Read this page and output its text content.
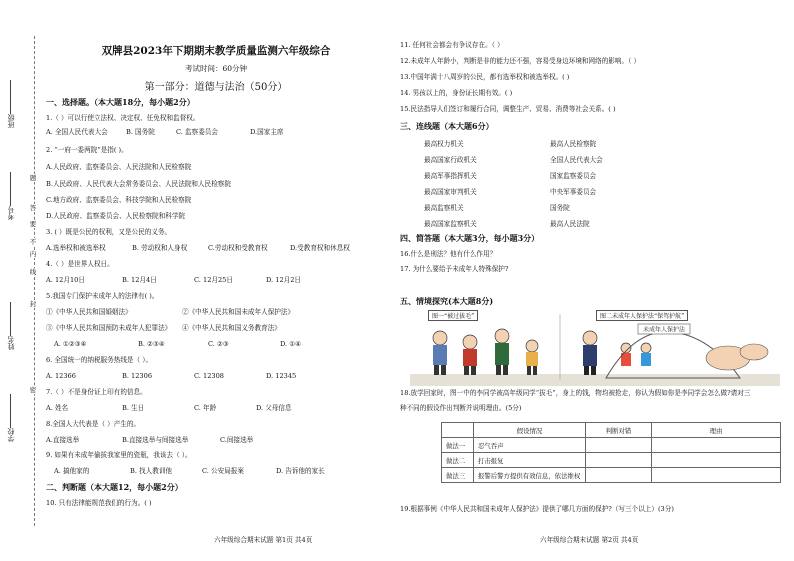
学校
姓名
考号
班级
密
封
线
内
不
要
答
题
双牌县2023年下期期末教学质量监测六年级综合
考试时间：60分钟
第一部分：道德与法治（50分）
一、选择题。（本大题18分，每小题2分）
1.（ ）可以行使立法权、决定权、任免权和监督权。
A. 全国人民代表大会	B. 国务院	C. 监察委员会	D.国家主席
2. “一府一委两院”是指( )。
A.人民政府、监察委员会、人民法院和人民检察院
B.人民政府、人民代表大会常务委员会、人民法院和人民检察院
C.地方政府、监察委员会、科技学院和人民检察院
D.人民政府、监察委员会、人民检察院和科学院
3. ( ）既是公民的权利，又是公民的义务。
A.选举权和被选举权	B. 劳动权和人身权	C.劳动权和受教育权	D.受教育权和休息权
4.（ ）是世界人权日。
A. 12月10日	B. 12月4日	C. 12月25日	D. 12月2日
5.我国专门保护未成年人的法律有( )。
①《中华人民共和国婚姻法》	②《中华人民共和国未成年人保护法》
③《中华人民共和国预防未成年人犯罪法》 ④《中华人民共和国义务教育法》
A. ①②③④	B. ②③④	C. ②③	D. ①④
6. 全国统一的纳税服务热线是（ ）。
A. 12366	B. 12306	C. 12308	D. 12345
7.（ ）不是身份证上印有的信息。
A. 姓名	B. 生日	C. 年龄	D. 父母信息
8.全国人大代表是（ ）产生的。
A.直接选举	B.直接选举与间接选举	C.间接选举
9. 如果有未成年偷拔我家里的瓷瓶，我该去（ ）。
A. 搞他家的	B. 找人教训他	C. 公安局报案	D. 告诉他的家长
二、判断题（本大题12，每小题2分）
10. 只有法律能规范我们的行为。( )
六年级综合期末试题 第1页 共4页
11. 任何社会都会有争议存在。（ ）
12.未成年人年龄小，判断是非的能力还不强，容易受身边环境和网络的影响。（ ）
13.中国年满十八周岁的公民，都有选举权和被选举权。( )
14. 男孩以上的，身份证长期有效。( )
15.民法指导人们签订和履行合同，调整生产、贸易、消费等社会关系。( )
三、连线题（本大题6分）
最高权力机关
最高国家行政机关
最高军事指挥机关
最高国家审判机关
最高监察机关
最高国家监察机关
最高人民检察院
全国人民代表大会
国家监察委员会
中央军事委员会
国务院
最高人民法院
四、简答题（本大题3分，每小题3分）
16.什么是刑法？他有什么作用？
17. 为什么要给予未成年人特殊保护?
五、情境探究(本大题8分)
18.放学回家时，图一中的李同学被高年级同学“拔毛”，身上的钱，物均被抢走，你认为假如你是李同学会怎么做?请对三
种不同的假设作出判断并说明理由。(5分)
19.根据事例《中华人民共和国未成年人保护法》提供了哪几方面的保护?（写三个以上）(3分)
六年级综合期末试题 第2页 共4页
未成年人保护法
图一“被过拔毛”	图二未成年人保护法“保驾护航”
	假设情况	判断对错	理由
做法一	忍气吞声		
做法二	打击报复		
做法三	报警后警方提供有效信息，依法维权		
